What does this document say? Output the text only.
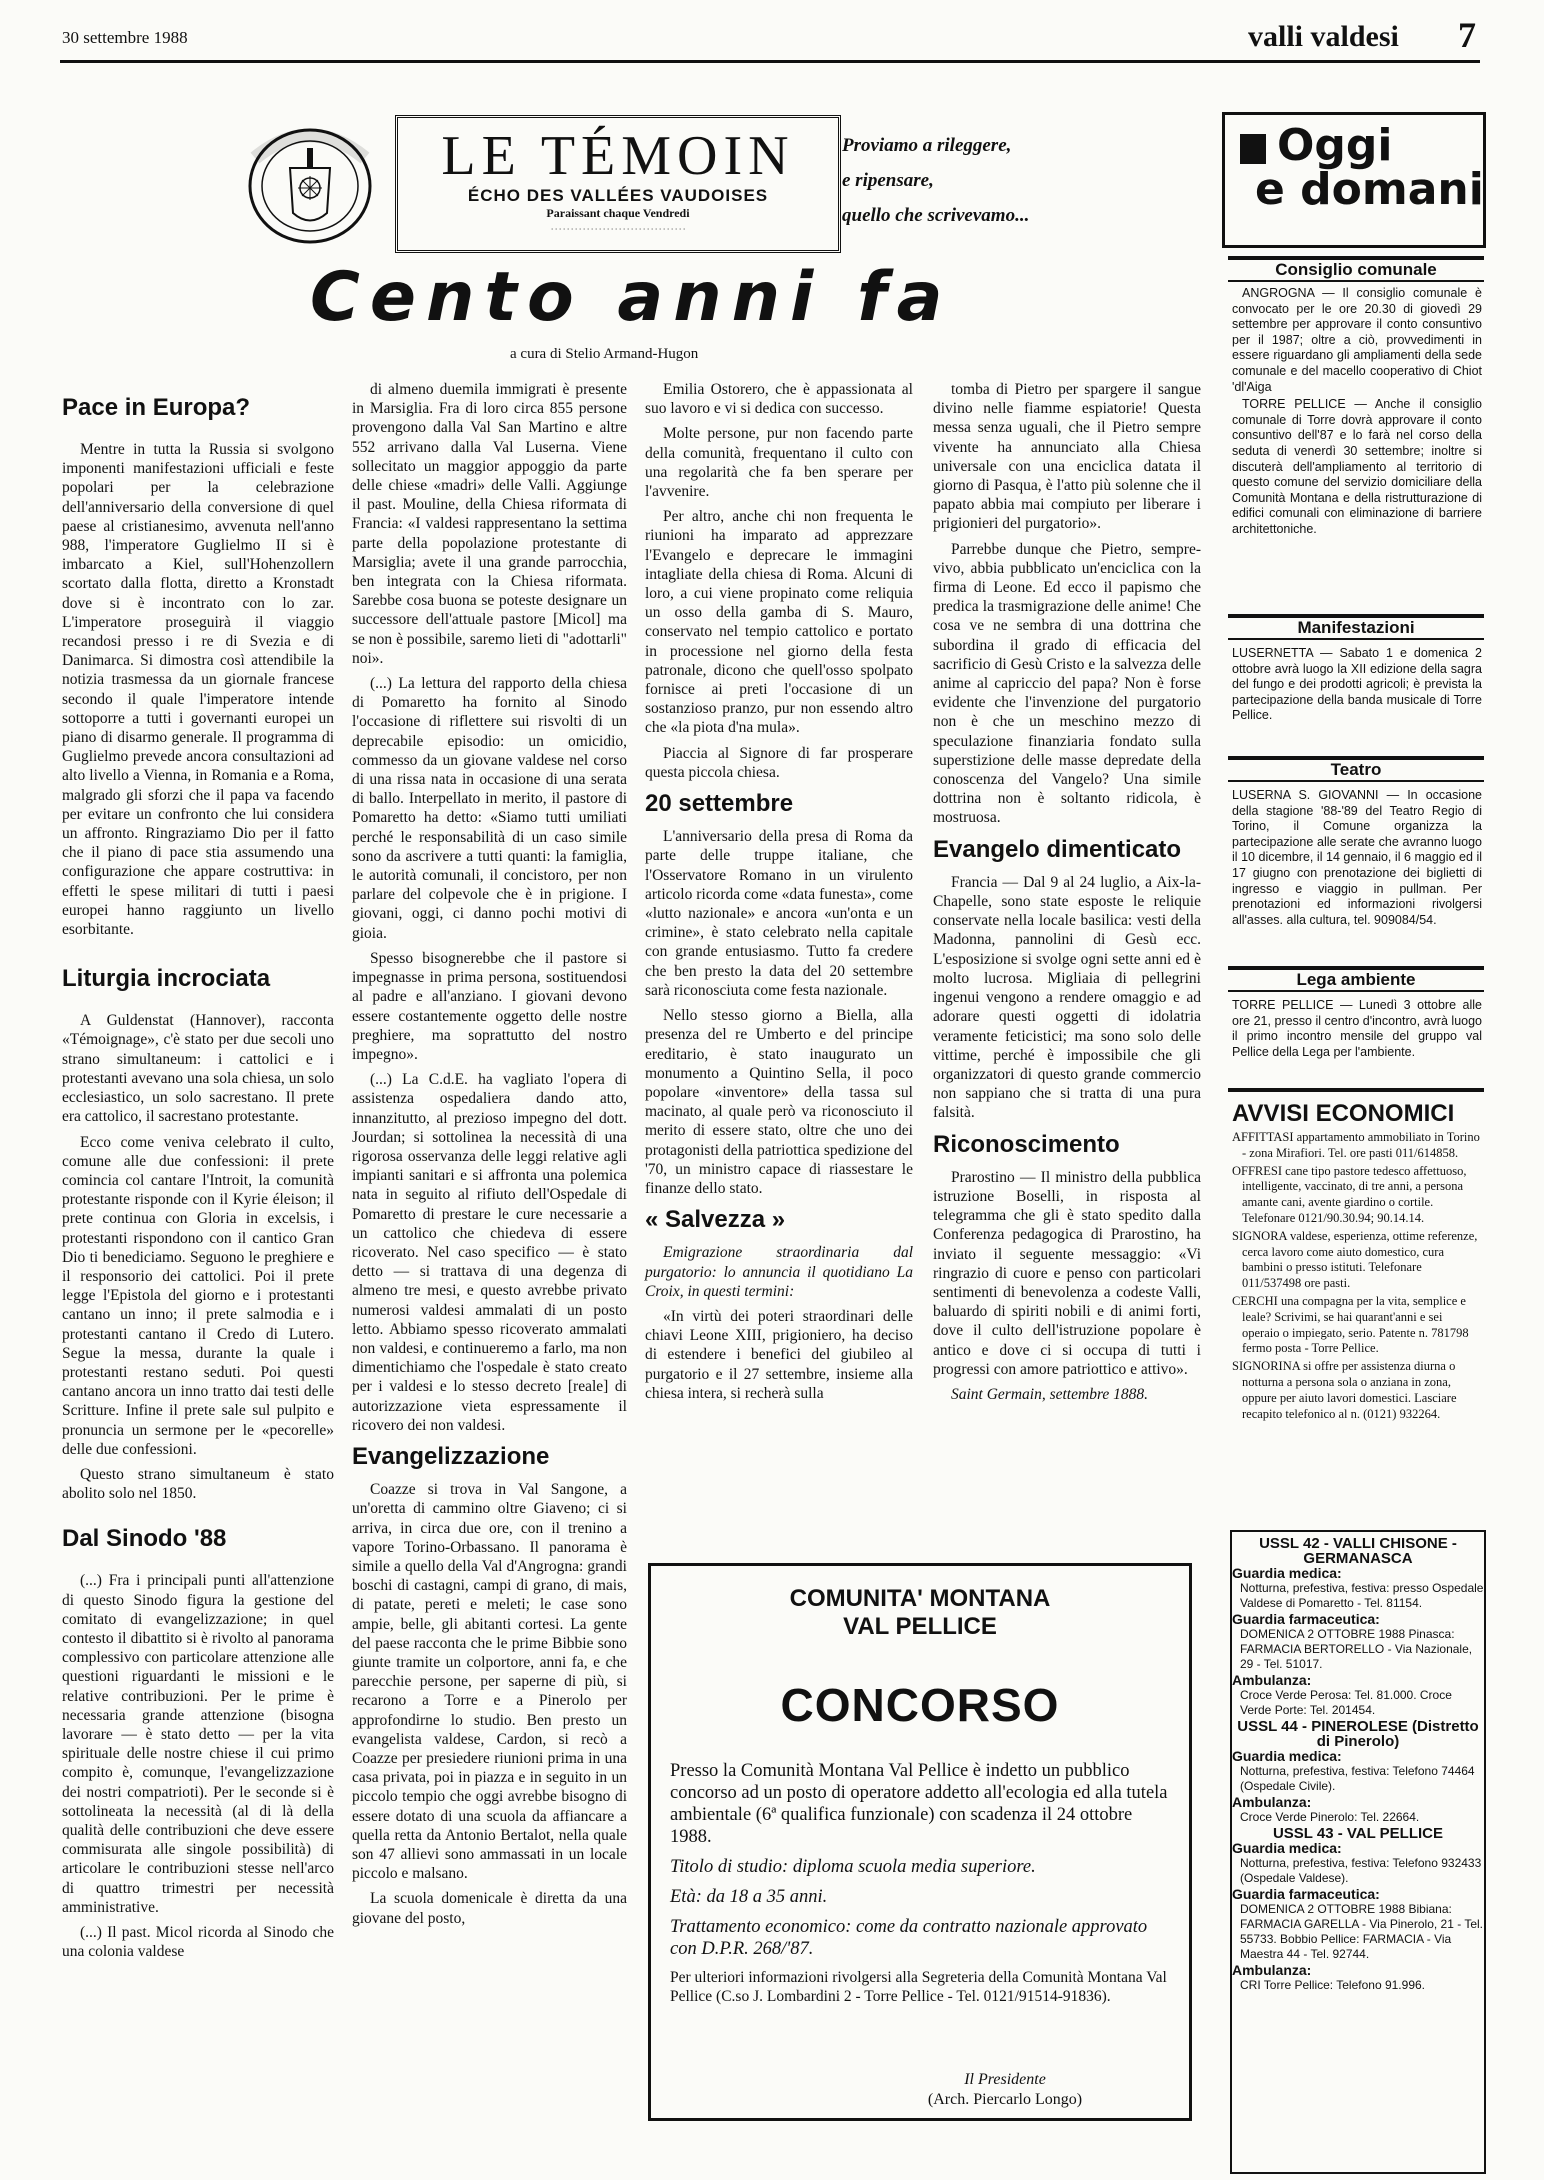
30 settembre 1988	valli valdesi 7
LE TÉMOIN
ÉCHO DES VALLÉES VAUDOISES
Paraissant chaque Vendredi
· · · · · · · · · · · · · · · · · · · · · · · · · · · · · · · · · ·
Proviamo a rileggere,
e ripensare,
quello che scrivevamo...
Cento anni fa
a cura di Stelio Armand-Hugon
Pace in Europa?

Mentre in tutta la Russia si svolgono imponenti manifestazioni ufficiali e feste popolari per la celebrazione dell'anniversario della conversione di quel paese al cristianesimo, avvenuta nell'anno 988, l'imperatore Guglielmo II si è imbarcato a Kiel, sull'Hohenzollern scortato dalla flotta, diretto a Kronstadt dove si è incontrato con lo zar. L'imperatore proseguirà il viaggio recandosi presso i re di Svezia e di Danimarca. Si dimostra così attendibile la notizia trasmessa da un giornale francese secondo il quale l'imperatore intende sottoporre a tutti i governanti europei un piano di disarmo generale. Il programma di Guglielmo prevede ancora consultazioni ad alto livello a Vienna, in Romania e a Roma, malgrado gli sforzi che il papa va facendo per evitare un confronto che lui considera un affronto. Ringraziamo Dio per il fatto che il piano di pace stia assumendo una configurazione che appare costruttiva: in effetti le spese militari di tutti i paesi europei hanno raggiunto un livello esorbitante.

Liturgia incrociata

A Guldenstat (Hannover), racconta «Témoignage», c'è stato per due secoli uno strano simultaneum: i cattolici e i protestanti avevano una sola chiesa, un solo ecclesiastico, un solo sacrestano. Il prete era cattolico, il sacrestano protestante.

Ecco come veniva celebrato il culto, comune alle due confessioni: il prete comincia col cantare l'Introit, la comunità protestante risponde con il Kyrie éleison; il prete continua con Gloria in excelsis, i protestanti rispondono con il cantico Gran Dio ti benediciamo. Seguono le preghiere e il responsorio dei cattolici. Poi il prete legge l'Epistola del giorno e i protestanti cantano un inno; il prete salmodia e i protestanti cantano il Credo di Lutero. Segue la messa, durante la quale i protestanti restano seduti. Poi questi cantano ancora un inno tratto dai testi delle Scritture. Infine il prete sale sul pulpito e pronuncia un sermone per le «pecorelle» delle due confessioni.

Questo strano simultaneum è stato abolito solo nel 1850.

Dal Sinodo '88

(...) Fra i principali punti all'attenzione di questo Sinodo figura la gestione del comitato di evangelizzazione; in quel contesto il dibattito si è rivolto al panorama complessivo con particolare attenzione alle questioni riguardanti le missioni e le relative contribuzioni. Per le prime è necessaria grande attenzione (bisogna lavorare — è stato detto — per la vita spirituale delle nostre chiese il cui primo compito è, comunque, l'evangelizzazione dei nostri compatrioti). Per le seconde si è sottolineata la necessità (al di là della qualità delle contribuzioni che deve essere commisurata alle singole possibilità) di articolare le contribuzioni stesse nell'arco di quattro trimestri per necessità amministrative.

(...) Il past. Micol ricorda al Sinodo che una colonia valdese

di almeno duemila immigrati è presente in Marsiglia. Fra di loro circa 855 persone provengono dalla Val San Martino e altre 552 arrivano dalla Val Luserna. Viene sollecitato un maggior appoggio da parte delle chiese «madri» delle Valli. Aggiunge il past. Mouline, della Chiesa riformata di Francia: «I valdesi rappresentano la settima parte della popolazione protestante di Marsiglia; avete il una grande parrocchia, ben integrata con la Chiesa riformata. Sarebbe cosa buona se poteste designare un successore dell'attuale pastore [Micol] ma se non è possibile, saremo lieti di "adottarli" noi».

(...) La lettura del rapporto della chiesa di Pomaretto ha fornito al Sinodo l'occasione di riflettere sui risvolti di un deprecabile episodio: un omicidio, commesso da un giovane valdese nel corso di una rissa nata in occasione di una serata di ballo. Interpellato in merito, il pastore di Pomaretto ha detto: «Siamo tutti umiliati perché le responsabilità di un caso simile sono da ascrivere a tutti quanti: la famiglia, le autorità comunali, il concistoro, per non parlare del colpevole che è in prigione. I giovani, oggi, ci danno pochi motivi di gioia.

Spesso bisognerebbe che il pastore si impegnasse in prima persona, sostituendosi al padre e all'anziano. I giovani devono essere costantemente oggetto delle nostre preghiere, ma soprattutto del nostro impegno».

(...) La C.d.E. ha vagliato l'opera di assistenza ospedaliera dando atto, innanzitutto, al prezioso impegno del dott. Jourdan; si sottolinea la necessità di una rigorosa osservanza delle leggi relative agli impianti sanitari e si affronta una polemica nata in seguito al rifiuto dell'Ospedale di Pomaretto di prestare le cure necessarie a un cattolico che chiedeva di essere ricoverato. Nel caso specifico — è stato detto — si trattava di una degenza di almeno tre mesi, e questo avrebbe privato numerosi valdesi ammalati di un posto letto. Abbiamo spesso ricoverato ammalati non valdesi, e continueremo a farlo, ma non dimentichiamo che l'ospedale è stato creato per i valdesi e lo stesso decreto [reale] di autorizzazione vieta espressamente il ricovero dei non valdesi.

Evangelizzazione

Coazze si trova in Val Sangone, a un'oretta di cammino oltre Giaveno; ci si arriva, in circa due ore, con il trenino a vapore Torino-Orbassano. Il panorama è simile a quello della Val d'Angrogna: grandi boschi di castagni, campi di grano, di mais, di patate, pereti e meleti; le case sono ampie, belle, gli abitanti cortesi. La gente del paese racconta che le prime Bibbie sono giunte tramite un colportore, anni fa, e che parecchie persone, per saperne di più, si recarono a Torre e a Pinerolo per approfondirne lo studio. Ben presto un evangelista valdese, Cardon, si recò a Coazze per presiedere riunioni prima in una casa privata, poi in piazza e in seguito in un piccolo tempio che oggi avrebbe bisogno di essere dotato di una scuola da affiancare a quella retta da Antonio Bertalot, nella quale son 47 allievi sono ammassati in un locale piccolo e malsano.

La scuola domenicale è diretta da una giovane del posto,

Emilia Ostorero, che è appassionata al suo lavoro e vi si dedica con successo.

Molte persone, pur non facendo parte della comunità, frequentano il culto con una regolarità che fa ben sperare per l'avvenire.

Per altro, anche chi non frequenta le riunioni ha imparato ad apprezzare l'Evangelo e deprecare le immagini intagliate della chiesa di Roma. Alcuni di loro, a cui viene propinato come reliquia un osso della gamba di S. Mauro, conservato nel tempio cattolico e portato in processione nel giorno della festa patronale, dicono che quell'osso spolpato fornisce ai preti l'occasione di un sostanzioso pranzo, pur non essendo altro che «la piota d'na mula».

Piaccia al Signore di far prosperare questa piccola chiesa.

20 settembre

L'anniversario della presa di Roma da parte delle truppe italiane, che l'Osservatore Romano in un virulento articolo ricorda come «data funesta», come «lutto nazionale» e ancora «un'onta e un crimine», è stato celebrato nella capitale con grande entusiasmo. Tutto fa credere che ben presto la data del 20 settembre sarà riconosciuta come festa nazionale.

Nello stesso giorno a Biella, alla presenza del re Umberto e del principe ereditario, è stato inaugurato un monumento a Quintino Sella, il poco popolare «inventore» della tassa sul macinato, al quale però va riconosciuto il merito di essere stato, oltre che uno dei protagonisti della patriottica spedizione del '70, un ministro capace di riassestare le finanze dello stato.

« Salvezza »

Emigrazione straordinaria dal purgatorio: lo annuncia il quotidiano La Croix, in questi termini:

«In virtù dei poteri straordinari delle chiavi Leone XIII, prigioniero, ha deciso di estendere i benefici del giubileo al purgatorio e il 27 settembre, insieme alla chiesa intera, si recherà sulla

tomba di Pietro per spargere il sangue divino nelle fiamme espiatorie! Questa messa senza uguali, che il Pietro sempre vivente ha annunciato alla Chiesa universale con una enciclica datata il giorno di Pasqua, è l'atto più solenne che il papato abbia mai compiuto per liberare i prigionieri del purgatorio».

Parrebbe dunque che Pietro, sempre-vivo, abbia pubblicato un'enciclica con la firma di Leone. Ed ecco il papismo che predica la trasmigrazione delle anime! Che cosa ve ne sembra di una dottrina che subordina il grado di efficacia del sacrificio di Gesù Cristo e la salvezza delle anime al capriccio del papa? Non è forse evidente che l'invenzione del purgatorio non è che un meschino mezzo di speculazione finanziaria fondato sulla superstizione delle masse depredate della conoscenza del Vangelo? Una simile dottrina non è soltanto ridicola, è mostruosa.

Evangelo dimenticato

Francia — Dal 9 al 24 luglio, a Aix-la-Chapelle, sono state esposte le reliquie conservate nella locale basilica: vesti della Madonna, pannolini di Gesù ecc. L'esposizione si svolge ogni sette anni ed è molto lucrosa. Migliaia di pellegrini ingenui vengono a rendere omaggio e ad adorare questi oggetti di idolatria veramente feticistici; ma sono solo delle vittime, perché è impossibile che gli organizzatori di questo grande commercio non sappiano che si tratta di una pura falsità.

Riconoscimento

Prarostino — Il ministro della pubblica istruzione Boselli, in risposta al telegramma che gli è stato spedito dalla Conferenza pedagogica di Prarostino, ha inviato il seguente messaggio: «Vi ringrazio di cuore e penso con particolari sentimenti di benevolenza a codeste Valli, baluardo di spiriti nobili e di animi forti, dove il culto dell'istruzione popolare è antico e dove ci si occupa di tutti i progressi con amore patriottico e attivo».

Saint Germain, settembre 1888.

COMUNITA' MONTANA
VAL PELLICE
CONCORSO

Presso la Comunità Montana Val Pellice è indetto un pubblico concorso ad un posto di operatore addetto all'ecologia ed alla tutela ambientale (6ª qualifica funzionale) con scadenza il 24 ottobre 1988.

Titolo di studio: diploma scuola media superiore.

Età: da 18 a 35 anni.

Trattamento economico: come da contratto nazionale approvato con D.P.R. 268/'87.

Per ulteriori informazioni rivolgersi alla Segreteria della Comunità Montana Val Pellice (C.so J. Lombardini 2 - Torre Pellice - Tel. 0121/91514-91836).

Il Presidente
(Arch. Piercarlo Longo)
Oggi
e domani
Consiglio comunale
ANGROGNA — Il consiglio comunale è convocato per le ore 20.30 di giovedì 29 settembre per approvare il conto consuntivo per il 1987; oltre a ciò, provvedimenti in essere riguardano gli ampliamenti della sede comunale e del macello cooperativo di Chiot 'dl'Aiga
TORRE PELLICE — Anche il consiglio comunale di Torre dovrà approvare il conto consuntivo dell'87 e lo farà nel corso della seduta di venerdì 30 settembre; inoltre si discuterà dell'ampliamento al territorio di questo comune del servizio domiciliare della Comunità Montana e della ristrutturazione di edifici comunali con eliminazione di barriere architettoniche.
Manifestazioni
LUSERNETTA — Sabato 1 e domenica 2 ottobre avrà luogo la XII edizione della sagra del fungo e dei prodotti agricoli; è prevista la partecipazione della banda musicale di Torre Pellice.
Teatro
LUSERNA S. GIOVANNI — In occasione della stagione '88-'89 del Teatro Regio di Torino, il Comune organizza la partecipazione alle serate che avranno luogo il 10 dicembre, il 14 gennaio, il 6 maggio ed il 17 giugno con prenotazione dei biglietti di ingresso e viaggio in pullman. Per prenotazioni ed informazioni rivolgersi all'asses. alla cultura, tel. 909084/54.
Lega ambiente
TORRE PELLICE — Lunedì 3 ottobre alle ore 21, presso il centro d'incontro, avrà luogo il primo incontro mensile del gruppo val Pellice della Lega per l'ambiente.
AVVISI ECONOMICI

AFFITTASI appartamento ammobiliato in Torino - zona Mirafiori. Tel. ore pasti 011/614858.

OFFRESI cane tipo pastore tedesco affettuoso, intelligente, vaccinato, di tre anni, a persona amante cani, avente giardino o cortile. Telefonare 0121/90.30.94; 90.14.14.

SIGNORA valdese, esperienza, ottime referenze, cerca lavoro come aiuto domestico, cura bambini o presso istituti. Telefonare 011/537498 ore pasti.

CERCHI una compagna per la vita, semplice e leale? Scrivimi, se hai quarant'anni e sei operaio o impiegato, serio. Patente n. 781798 fermo posta - Torre Pellice.

SIGNORINA si offre per assistenza diurna o notturna a persona sola o anziana in zona, oppure per aiuto lavori domestici. Lasciare recapito telefonico al n. (0121) 932264.

USSL 42 - VALLI CHISONE - GERMANASCA
Guardia medica:

Notturna, prefestiva, festiva: presso Ospedale Valdese di Pomaretto - Tel. 81154.

Guardia farmaceutica:

DOMENICA 2 OTTOBRE 1988 Pinasca: FARMACIA BERTORELLO - Via Nazionale, 29 - Tel. 51017.

Ambulanza:

Croce Verde Perosa: Tel. 81.000. Croce Verde Porte: Tel. 201454.

USSL 44 - PINEROLESE (Distretto di Pinerolo)
Guardia medica:

Notturna, prefestiva, festiva: Telefono 74464 (Ospedale Civile).

Ambulanza:

Croce Verde Pinerolo: Tel. 22664.

USSL 43 - VAL PELLICE
Guardia medica:

Notturna, prefestiva, festiva: Telefono 932433 (Ospedale Valdese).

Guardia farmaceutica:

DOMENICA 2 OTTOBRE 1988 Bibiana: FARMACIA GARELLA - Via Pinerolo, 21 - Tel. 55733. Bobbio Pellice: FARMACIA - Via Maestra 44 - Tel. 92744.

Ambulanza:

CRI Torre Pellice: Telefono 91.996.
